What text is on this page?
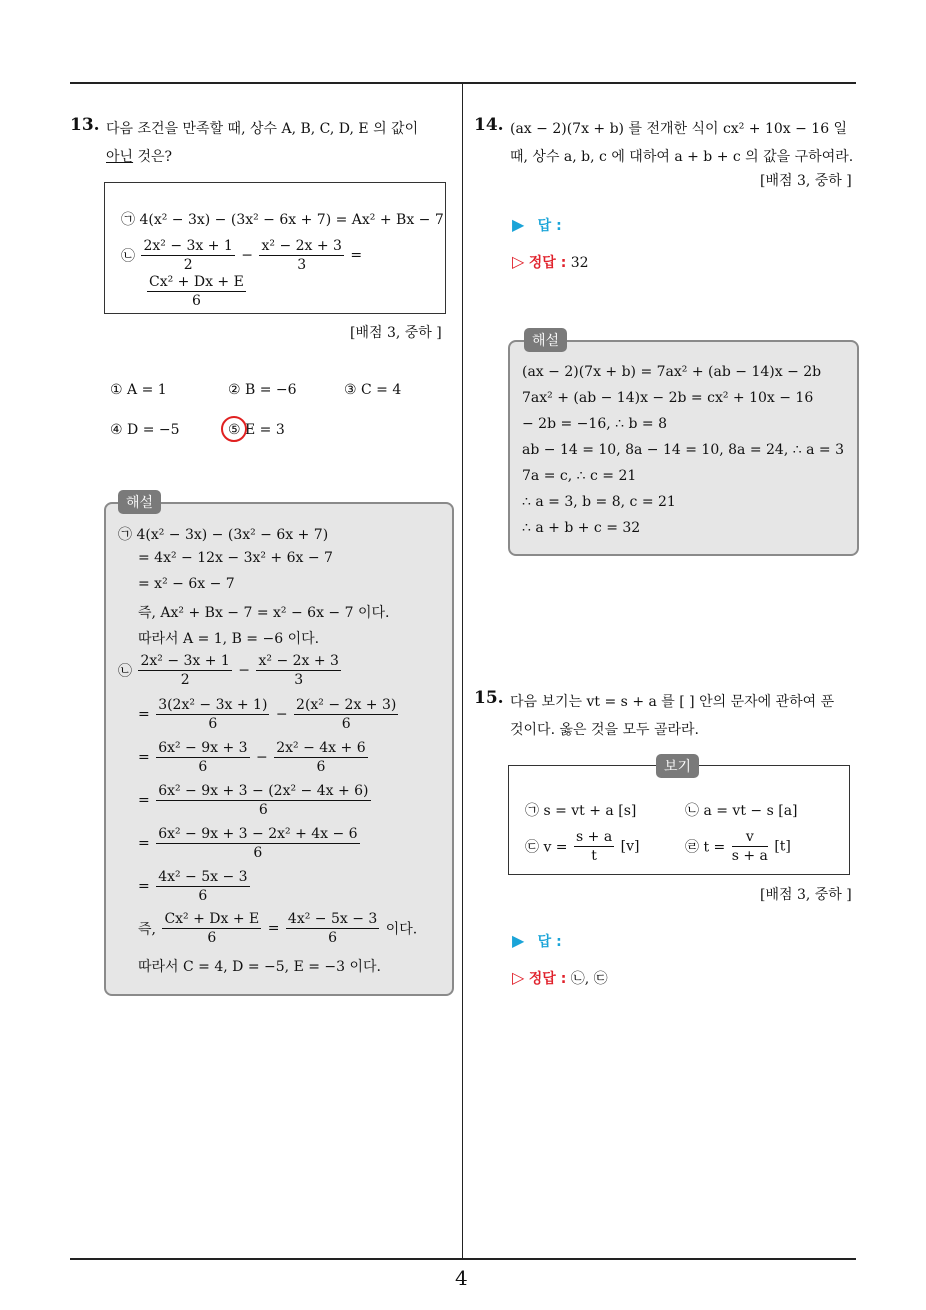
4
13. 다음 조건을 만족할 때, 상수 A, B, C, D, E 의 값이
아닌 것은?
㉠ 4(x² − 3x) − (3x² − 6x + 7) = Ax² + Bx − 7
㉡ $\frac{\text{2x² − 3x + 1}}{2} - \frac{\text{x² − 2x + 3}}{3}$ =
$\frac{\text{Cx² + Dx + E}}{6}$
[배점 3, 중하 ]
① A = 1	② B = −6	③ C = 4
④ D = −5	⑤ E = 3
㉠ 4(x² − 3x) − (3x² − 6x + 7)
= 4x² − 12x − 3x² + 6x − 7
= x² − 6x − 7
즉, Ax² + Bx − 7 = x² − 6x − 7 이다.
따라서 A = 1, B = −6 이다.
㉡ $\frac{\text{2x² − 3x + 1}}{2} - \frac{\text{x² − 2x + 3}}{3}$
= $\frac{\text{3(2x² − 3x + 1)}}{6} - \frac{\text{2(x² − 2x + 3)}}{6}$
= $\frac{\text{6x² − 9x + 3}}{6} - \frac{\text{2x² − 4x + 6}}{6}$
= $\frac{\text{6x² − 9x + 3 − (2x² − 4x + 6)}}{6}$
= $\frac{\text{6x² − 9x + 3 − 2x² + 4x − 6}}{6}$
= $\frac{\text{4x² − 5x − 3}}{6}$
즉, $\frac{\text{Cx² + Dx + E}}{6} = \frac{\text{4x² − 5x − 3}}{6}$ 이다.
따라서 C = 4, D = −5, E = −3 이다.
해설
14. (ax − 2)(7x + b) 를 전개한 식이 cx² + 10x − 16 일
때, 상수 a, b, c 에 대하여 a + b + c 의 값을 구하여라.
[배점 3, 중하 ]
▶ 답 :
▷ 정답 : 32
(ax − 2)(7x + b) = 7ax² + (ab − 14)x − 2b
7ax² + (ab − 14)x − 2b = cx² + 10x − 16
− 2b = −16, ∴ b = 8
ab − 14 = 10, 8a − 14 = 10, 8a = 24, ∴ a = 3
7a = c, ∴ c = 21
∴ a = 3, b = 8, c = 21
∴ a + b + c = 32
해설
15. 다음 보기는 vt = s + a 를 [ ] 안의 문자에 관하여 푼
것이다. 옳은 것을 모두 골라라.
㉠ s = vt + a [s]	㉡ a = vt − s [a]
㉢ $v = \frac{s + a}{t} [v]$	㉣ $t = \frac{v}{s + a} [t]$
보기
[배점 3, 중하 ]
▶ 답 :
▷ 정답 : ㉡, ㉢
